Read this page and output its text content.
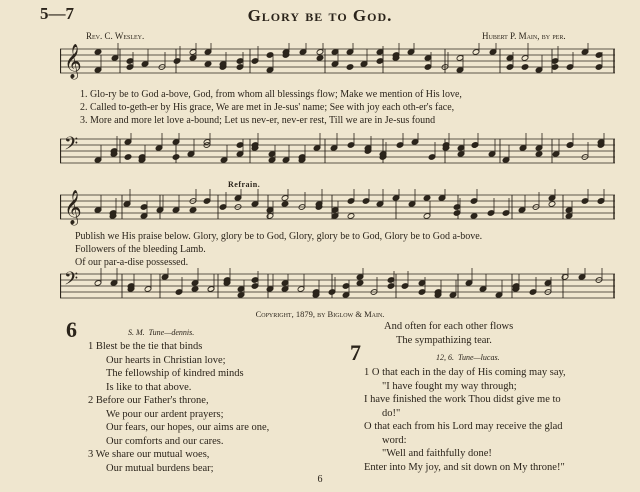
5—7	Glory be to God.
Rev. C. Wesley.	Hubert P. Main, by per.
𝄞
1. Glo-ry be to God a-bove, God, from whom all blessings flow; Make we mention of His love,
2. Called to-geth-er by His grace, We are met in Je-sus' name; See with joy each oth-er's face,
3. More and more let love a-bound; Let us nev-er, nev-er rest, Till we are in Je-sus found
𝄢
Refrain.
𝄞
Publish we His praise below. Glory, glory be to God, Glory, glory be to God, Glory be to God a-bove.
Followers of the bleeding Lamb.
Of our par-a-dise possessed.
𝄢
Copyright, 1879, by Biglow & Main.
6	S. M. Tune—dennis.
1 Blest be the tie that binds
Our hearts in Christian love;
The fellowship of kindred minds
Is like to that above.
2 Before our Father's throne,
We pour our ardent prayers;
Our fears, our hopes, our aims are one,
Our comforts and our cares.
3 We share our mutual woes,
Our mutual burdens bear;
And often for each other flows
The sympathizing tear.
7	12, 6. Tune—lucas.
1 O that each in the day of His coming may say,
"I have fought my way through;
I have finished the work Thou didst give me to
do!"
O that each from his Lord may receive the glad
word:
"Well and faithfully done!
Enter into My joy, and sit down on My throne!"
6
